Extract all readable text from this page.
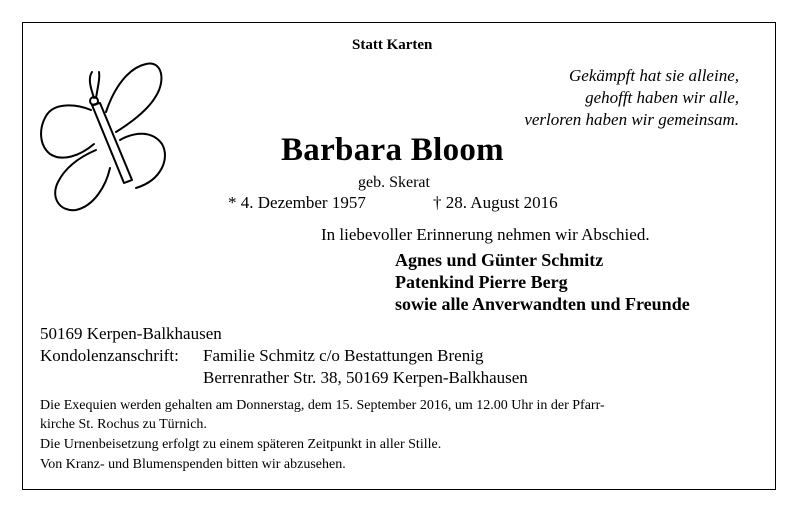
Statt Karten
Gekämpft hat sie alleine,
gehofft haben wir alle,
verloren haben wir gemeinsam.
Barbara Bloom
geb. Skerat
* 4. Dezember 1957	† 28. August 2016
In liebevoller Erinnerung nehmen wir Abschied.
Agnes und Günter Schmitz
Patenkind Pierre Berg
sowie alle Anverwandten und Freunde
50169 Kerpen-Balkhausen
Kondolenzanschrift: Familie Schmitz c/o Bestattungen Brenig
Berrenrather Str. 38, 50169 Kerpen-Balkhausen
Die Exequien werden gehalten am Donnerstag, dem 15. September 2016, um 12.00 Uhr in der Pfarr-
kirche St. Rochus zu Türnich.
Die Urnenbeisetzung erfolgt zu einem späteren Zeitpunkt in aller Stille.
Von Kranz- und Blumenspenden bitten wir abzusehen.
